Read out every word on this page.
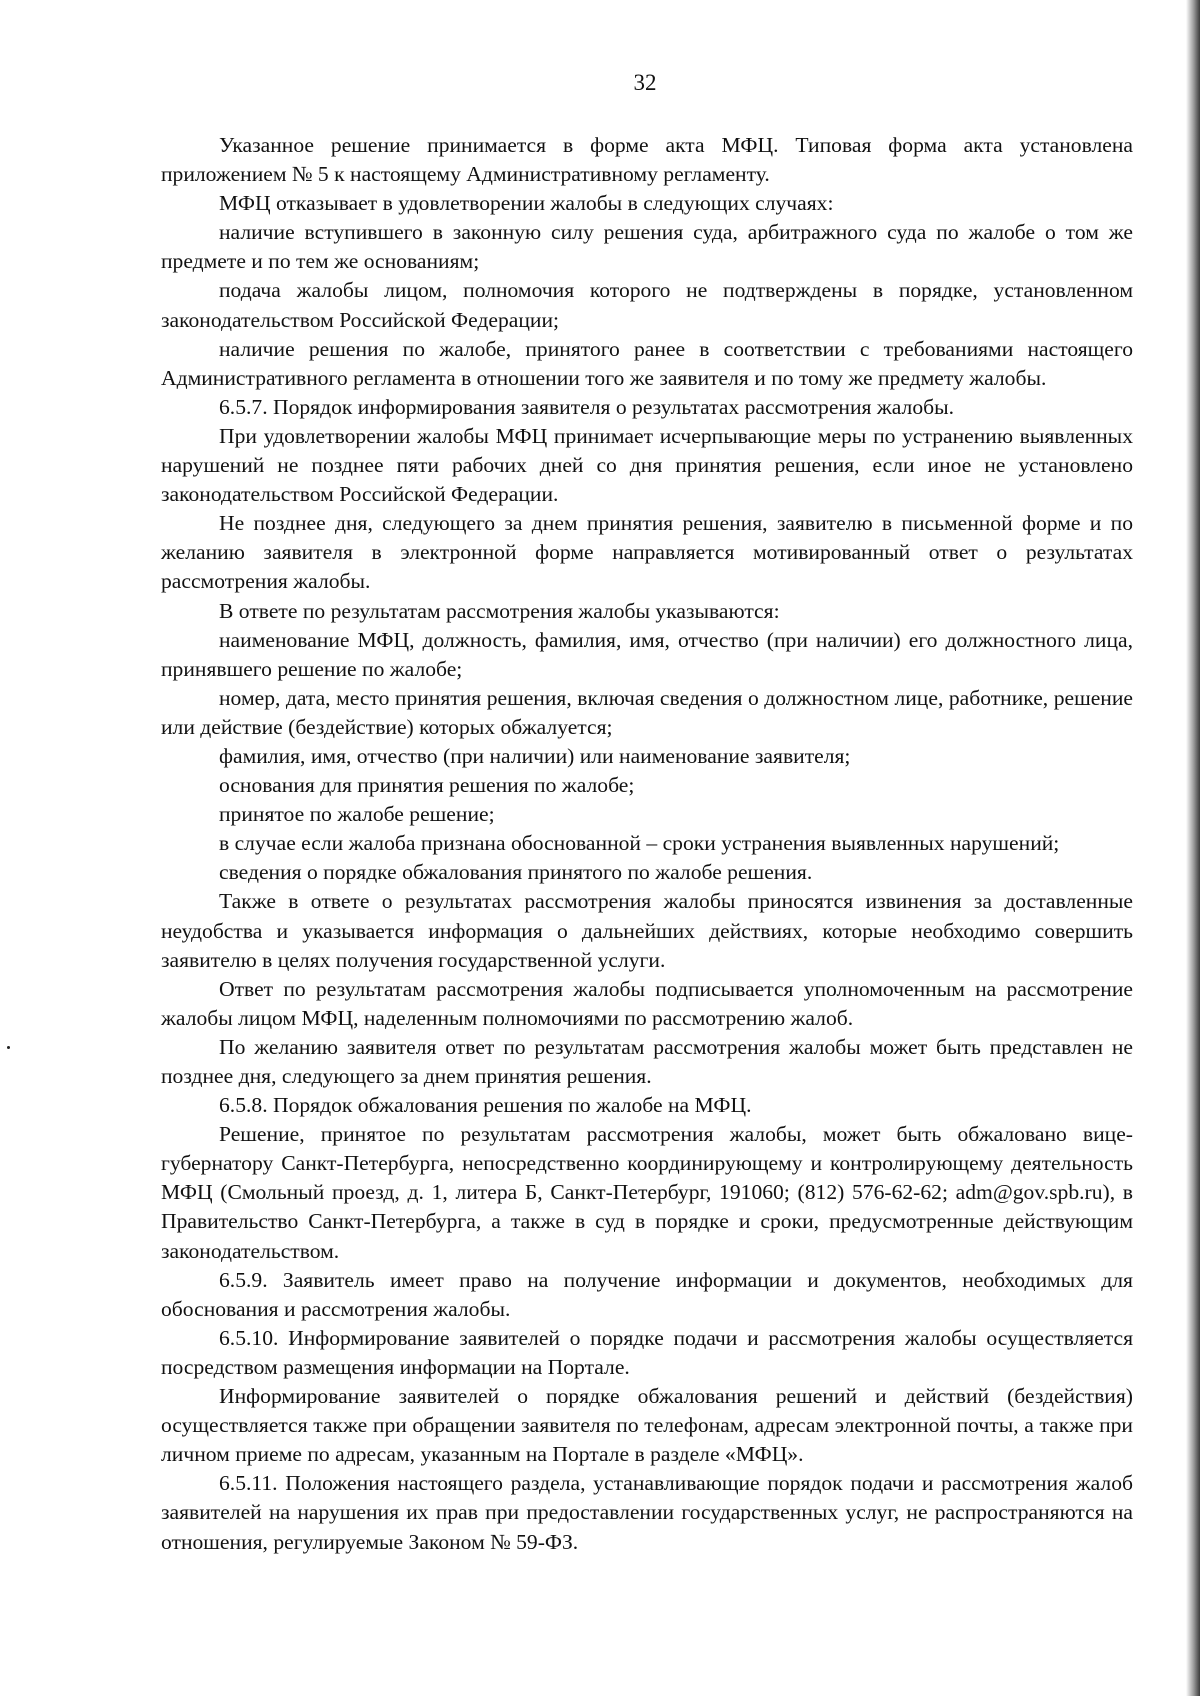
32

Указанное решение принимается в форме акта МФЦ. Типовая форма акта установлена приложением № 5 к настоящему Административному регламенту.

МФЦ отказывает в удовлетворении жалобы в следующих случаях:

наличие вступившего в законную силу решения суда, арбитражного суда по жалобе о том же предмете и по тем же основаниям;

подача жалобы лицом, полномочия которого не подтверждены в порядке, установленном законодательством Российской Федерации;

наличие решения по жалобе, принятого ранее в соответствии с требованиями настоящего Административного регламента в отношении того же заявителя и по тому же предмету жалобы.

6.5.7. Порядок информирования заявителя о результатах рассмотрения жалобы.

При удовлетворении жалобы МФЦ принимает исчерпывающие меры по устранению выявленных нарушений не позднее пяти рабочих дней со дня принятия решения, если иное не установлено законодательством Российской Федерации.

Не позднее дня, следующего за днем принятия решения, заявителю в письменной форме и по желанию заявителя в электронной форме направляется мотивированный ответ о результатах рассмотрения жалобы.

В ответе по результатам рассмотрения жалобы указываются:

наименование МФЦ, должность, фамилия, имя, отчество (при наличии) его должностного лица, принявшего решение по жалобе;

номер, дата, место принятия решения, включая сведения о должностном лице, работнике, решение или действие (бездействие) которых обжалуется;

фамилия, имя, отчество (при наличии) или наименование заявителя;

основания для принятия решения по жалобе;

принятое по жалобе решение;

в случае если жалоба признана обоснованной – сроки устранения выявленных нарушений;

сведения о порядке обжалования принятого по жалобе решения.

Также в ответе о результатах рассмотрения жалобы приносятся извинения за доставленные неудобства и указывается информация о дальнейших действиях, которые необходимо совершить заявителю в целях получения государственной услуги.

Ответ по результатам рассмотрения жалобы подписывается уполномоченным на рассмотрение жалобы лицом МФЦ, наделенным полномочиями по рассмотрению жалоб.

По желанию заявителя ответ по результатам рассмотрения жалобы может быть представлен не позднее дня, следующего за днем принятия решения.

6.5.8. Порядок обжалования решения по жалобе на МФЦ.

Решение, принятое по результатам рассмотрения жалобы, может быть обжаловано вице-губернатору Санкт-Петербурга, непосредственно координирующему и контролирующему деятельность МФЦ (Смольный проезд, д. 1, литера Б, Санкт-Петербург, 191060; (812) 576-62-62; adm@gov.spb.ru), в Правительство Санкт-Петербурга, а также в суд в порядке и сроки, предусмотренные действующим законодательством.

6.5.9. Заявитель имеет право на получение информации и документов, необходимых для обоснования и рассмотрения жалобы.

6.5.10. Информирование заявителей о порядке подачи и рассмотрения жалобы осуществляется посредством размещения информации на Портале.

Информирование заявителей о порядке обжалования решений и действий (бездействия) осуществляется также при обращении заявителя по телефонам, адресам электронной почты, а также при личном приеме по адресам, указанным на Портале в разделе «МФЦ».

6.5.11. Положения настоящего раздела, устанавливающие порядок подачи и рассмотрения жалоб заявителей на нарушения их прав при предоставлении государственных услуг, не распространяются на отношения, регулируемые Законом № 59-ФЗ.
